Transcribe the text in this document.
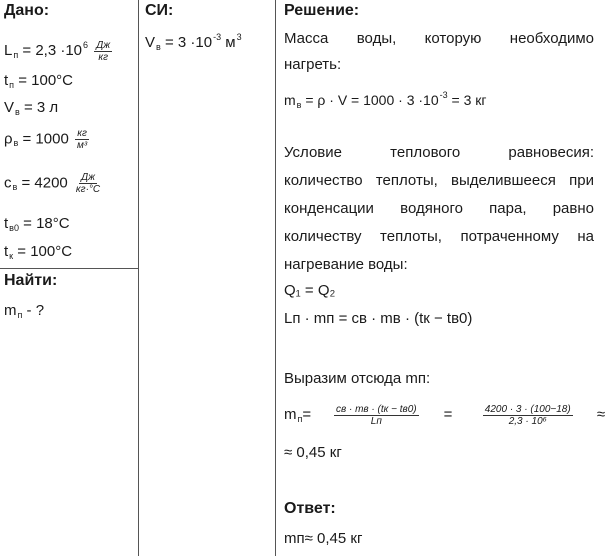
Дано:
$L_п = 2,3 \cdot 10^6 \frac{Дж}{кг}$
$t_п = 100^\circ C$
$V_в = 3$ л
$\rho_в = 1000 \frac{кг}{\text{м³}}$
$c_в = 4200 \frac{Дж}{кг\cdot^\circ C}$
$t_{в0} = 18^\circ C$
$t_к = 100^\circ C$
Найти:
$m_п$ - ?
СИ:
$V_в = 3 \cdot 10^{-3}$ $м^3$
Решение:
Масса воды, которую необходимо
нагреть:
$m_в = \rho \cdot V = 1000 \cdot 3 \cdot 10^{-3} = 3$ кг
Условие теплового равновесия:
количество теплоты, выделившееся при
конденсации водяного пара, равно
количеству теплоты, потраченному на
нагревание воды:
Q₁ = Q₂
Lп · mп = cв · mв · (tк − tв0)
Выразим отсюда mп:
$m_п= \frac{cв \cdot mв \cdot (tк - tв0)}{Lп} = \frac{4200 \cdot 3 \cdot (100-18)}{\text{2,3 · 10⁶}}$ ≈
≈ 0,45 кг
Ответ:
mп≈ 0,45 кг
